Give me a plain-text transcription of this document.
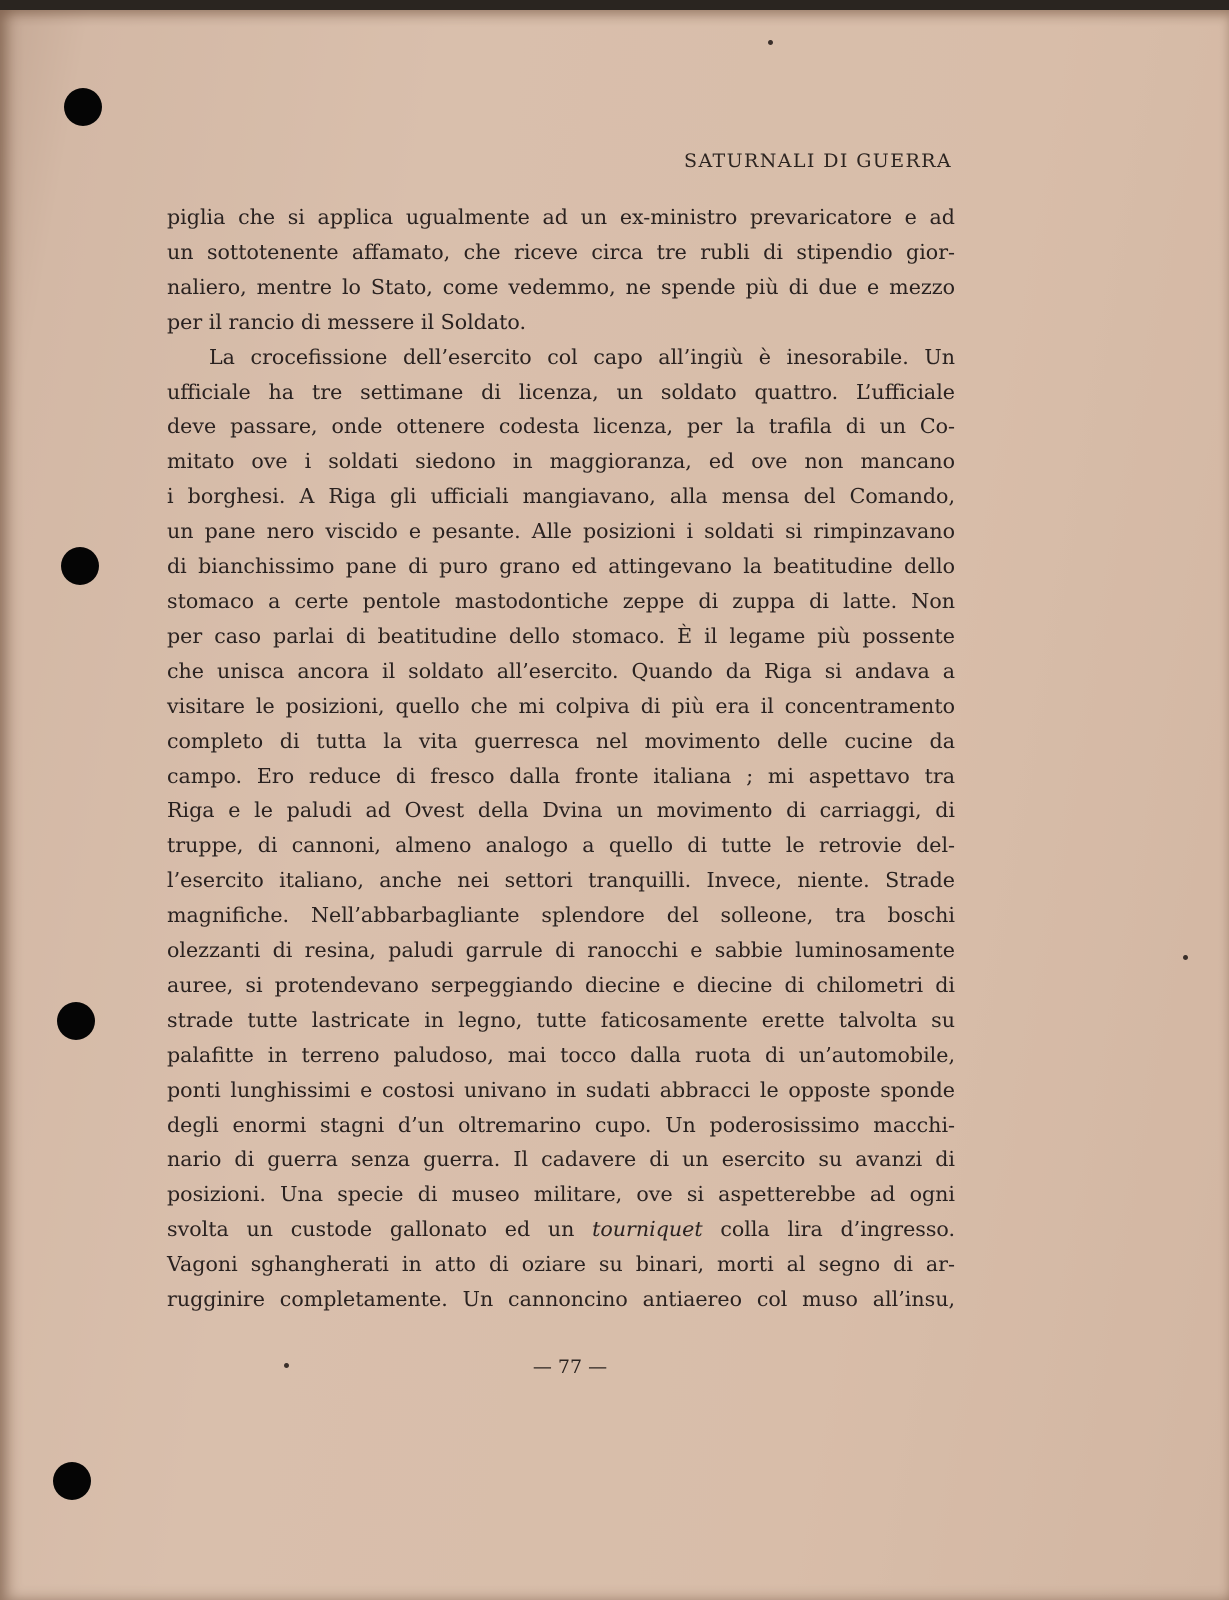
SATURNALI DI GUERRA
piglia che si applica ugualmente ad un ex-ministro prevaricatore e ad
un sottotenente affamato, che riceve circa tre rubli di stipendio gior-
naliero, mentre lo Stato, come vedemmo, ne spende più di due e mezzo
per il rancio di messere il Soldato.
La crocefissione dell’esercito col capo all’ingiù è inesorabile. Un
ufficiale ha tre settimane di licenza, un soldato quattro. L’ufficiale
deve passare, onde ottenere codesta licenza, per la trafila di un Co-
mitato ove i soldati siedono in maggioranza, ed ove non mancano
i borghesi. A Riga gli ufficiali mangiavano, alla mensa del Comando,
un pane nero viscido e pesante. Alle posizioni i soldati si rimpinzavano
di bianchissimo pane di puro grano ed attingevano la beatitudine dello
stomaco a certe pentole mastodontiche zeppe di zuppa di latte. Non
per caso parlai di beatitudine dello stomaco. È il legame più possente
che unisca ancora il soldato all’esercito. Quando da Riga si andava a
visitare le posizioni, quello che mi colpiva di più era il concentramento
completo di tutta la vita guerresca nel movimento delle cucine da
campo. Ero reduce di fresco dalla fronte italiana ; mi aspettavo tra
Riga e le paludi ad Ovest della Dvina un movimento di carriaggi, di
truppe, di cannoni, almeno analogo a quello di tutte le retrovie del-
l’esercito italiano, anche nei settori tranquilli. Invece, niente. Strade
magnifiche. Nell’abbarbagliante splendore del solleone, tra boschi
olezzanti di resina, paludi garrule di ranocchi e sabbie luminosamente
auree, si protendevano serpeggiando diecine e diecine di chilometri di
strade tutte lastricate in legno, tutte faticosamente erette talvolta su
palafitte in terreno paludoso, mai tocco dalla ruota di un’automobile,
ponti lunghissimi e costosi univano in sudati abbracci le opposte sponde
degli enormi stagni d’un oltremarino cupo. Un poderosissimo macchi-
nario di guerra senza guerra. Il cadavere di un esercito su avanzi di
posizioni. Una specie di museo militare, ove si aspetterebbe ad ogni
svolta un custode gallonato ed un tourniquet colla lira d’ingresso.
Vagoni sghangherati in atto di oziare su binari, morti al segno di ar-
rugginire completamente. Un cannoncino antiaereo col muso all’insu,
— 77 —
